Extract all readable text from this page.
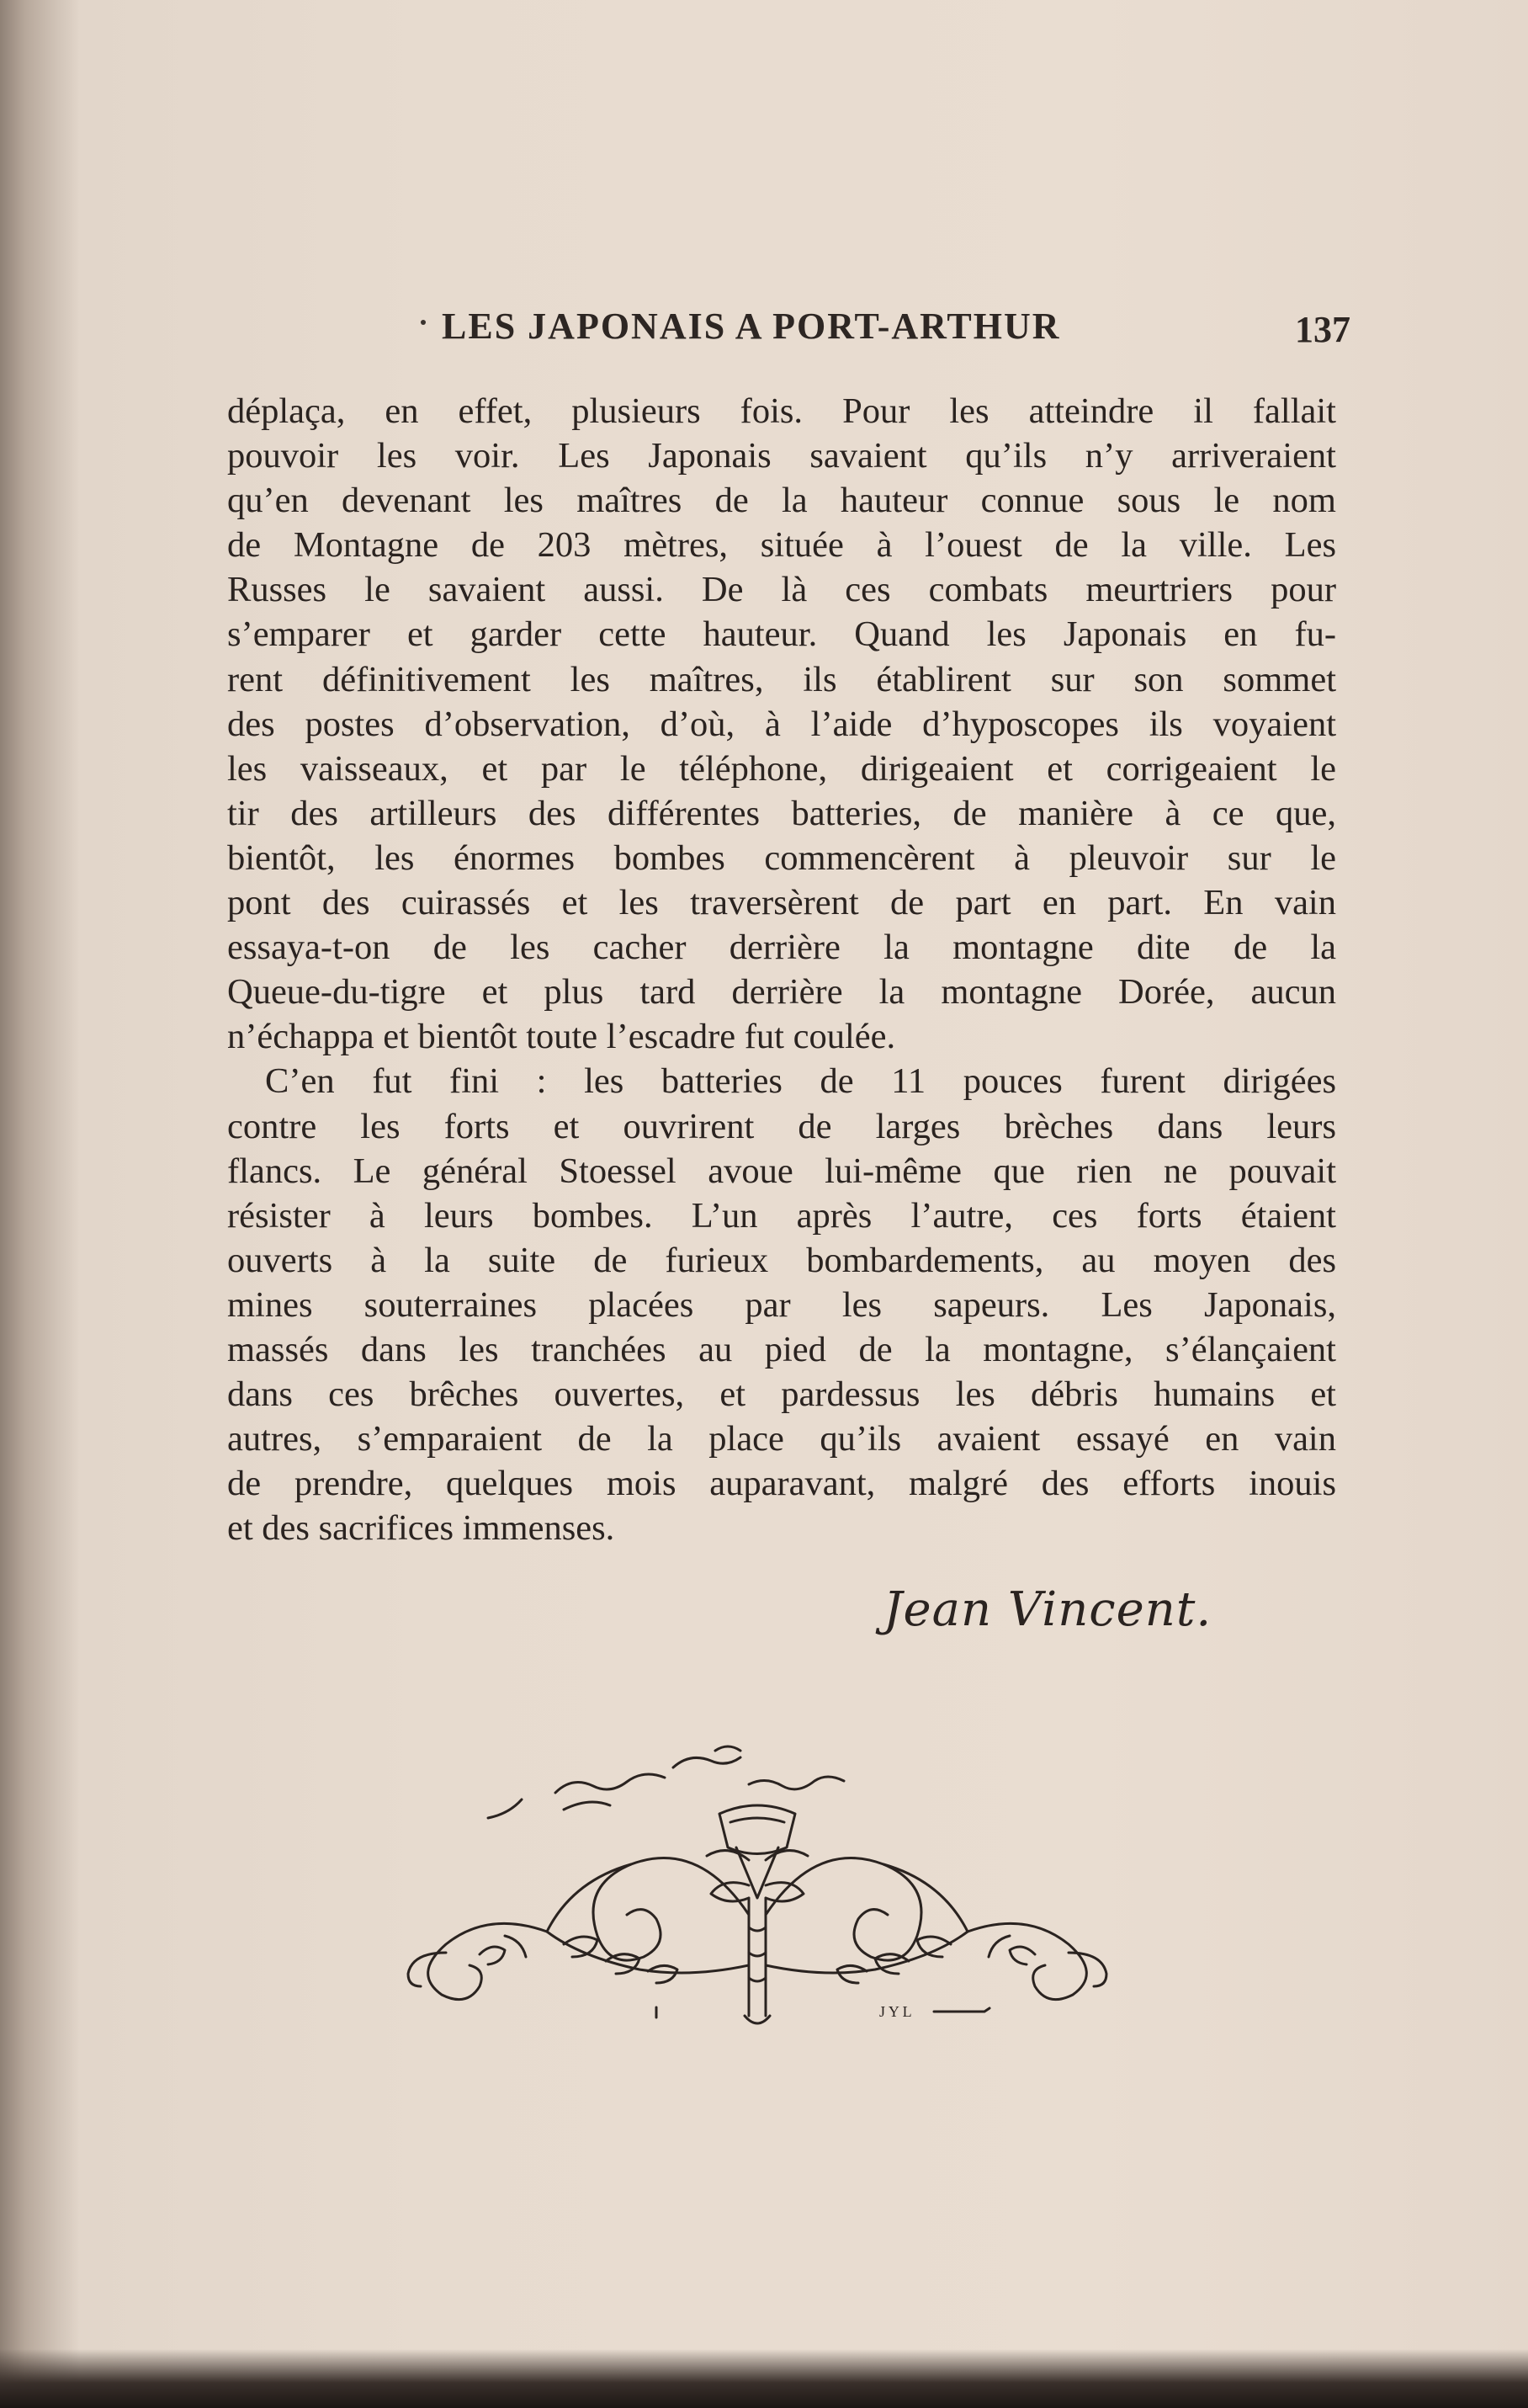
LES JAPONAIS A PORT-ARTHUR	137
déplaça, en effet, plusieurs fois. Pour les atteindre il fallait
pouvoir les voir. Les Japonais savaient qu’ils n’y arriveraient
qu’en devenant les maîtres de la hauteur connue sous le nom
de Montagne de 203 mètres, située à l’ouest de la ville. Les
Russes le savaient aussi. De là ces combats meurtriers pour
s’emparer et garder cette hauteur. Quand les Japonais en fu-
rent définitivement les maîtres, ils établirent sur son sommet
des postes d’observation, d’où, à l’aide d’hyposcopes ils voyaient
les vaisseaux, et par le téléphone, dirigeaient et corrigeaient le
tir des artilleurs des différentes batteries, de manière à ce que,
bientôt, les énormes bombes commencèrent à pleuvoir sur le
pont des cuirassés et les traversèrent de part en part. En vain
essaya-t-on de les cacher derrière la montagne dite de la
Queue-du-tigre et plus tard derrière la montagne Dorée, aucun
n’échappa et bientôt toute l’escadre fut coulée.
C’en fut fini : les batteries de 11 pouces furent dirigées
contre les forts et ouvrirent de larges brèches dans leurs
flancs. Le général Stoessel avoue lui-même que rien ne pouvait
résister à leurs bombes. L’un après l’autre, ces forts étaient
ouverts à la suite de furieux bombardements, au moyen des
mines souterraines placées par les sapeurs. Les Japonais,
massés dans les tranchées au pied de la montagne, s’élançaient
dans ces brêches ouvertes, et pardessus les débris humains et
autres, s’emparaient de la place qu’ils avaient essayé en vain
de prendre, quelques mois auparavant, malgré des efforts inouis
et des sacrifices immenses.
Jean Vincent.
J Y L
